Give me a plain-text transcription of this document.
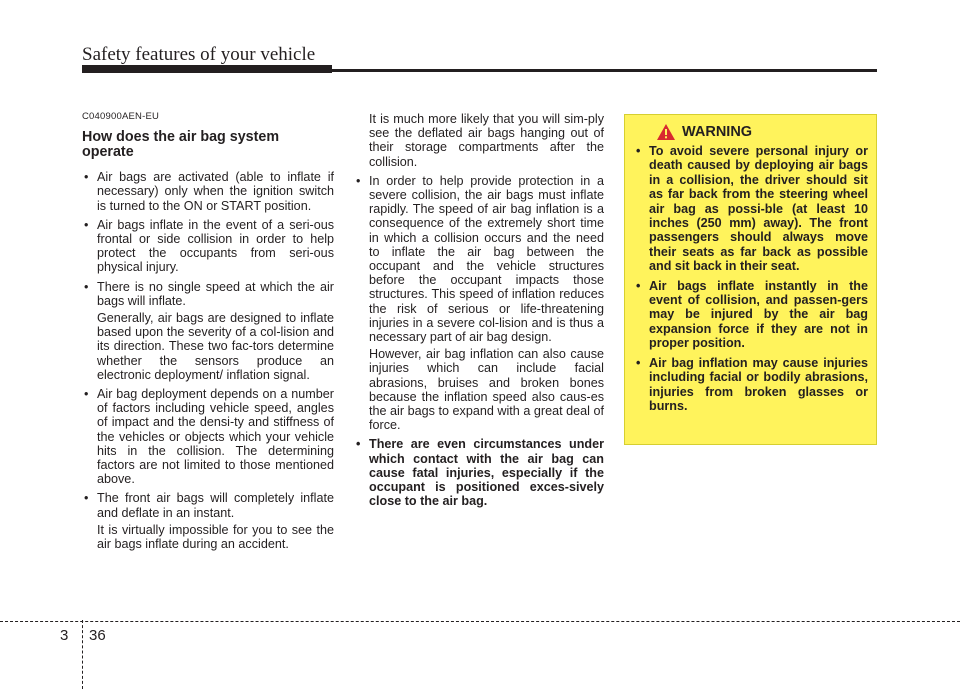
Safety features of your vehicle
C040900AEN-EU
How does the air bag system operate
• Air bags are activated (able to inflate if necessary) only when the ignition switch is turned to the ON or START position.
• Air bags inflate in the event of a seri-ous frontal or side collision in order to help protect the occupants from seri-ous physical injury.
• There is no single speed at which the air bags will inflate.
Generally, air bags are designed to inflate based upon the severity of a col-lision and its direction. These two fac-tors determine whether the sensors produce an electronic deployment/ inflation signal.
• Air bag deployment depends on a number of factors including vehicle speed, angles of impact and the densi-ty and stiffness of the vehicles or objects which your vehicle hits in the collision. The determining factors are not limited to those mentioned above.
• The front air bags will completely inflate and deflate in an instant.
It is virtually impossible for you to see the air bags inflate during an accident.
It is much more likely that you will sim-ply see the deflated air bags hanging out of their storage compartments after the collision.
• In order to help provide protection in a severe collision, the air bags must inflate rapidly. The speed of air bag inflation is a consequence of the extremely short time in which a collision occurs and the need to inflate the air bag between the occupant and the vehicle structures before the occupant impacts those structures. This speed of inflation reduces the risk of serious or life-threatening injuries in a severe col-lision and is thus a necessary part of air bag design.
However, air bag inflation can also cause injuries which can include facial abrasions, bruises and broken bones because the inflation speed also caus-es the air bags to expand with a great deal of force.
• There are even circumstances under which contact with the air bag can cause fatal injuries, especially if the occupant is positioned exces-sively close to the air bag.
WARNING
• To avoid severe personal injury or death caused by deploying air bags in a collision, the driver should sit as far back from the steering wheel air bag as possi-ble (at least 10 inches (250 mm) away). The front passengers should always move their seats as far back as possible and sit back in their seat.
• Air bags inflate instantly in the event of collision, and passen-gers may be injured by the air bag expansion force if they are not in proper position.
• Air bag inflation may cause injuries including facial or bodily abrasions, injuries from broken glasses or burns.
3 36
